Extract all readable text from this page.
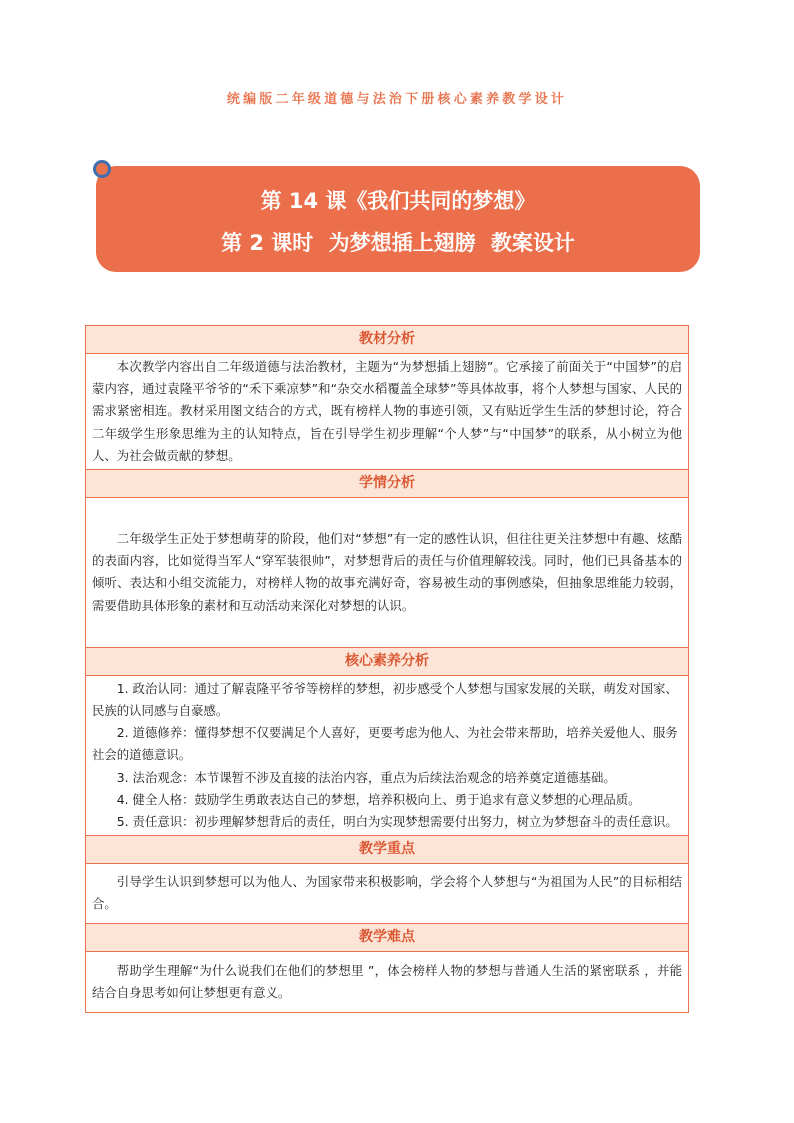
统编版二年级道德与法治下册核心素养教学设计
第 14 课《我们共同的梦想》
第 2 课时 为梦想插上翅膀 教案设计
教材分析

本次教学内容出自二年级道德与法治教材，主题为“为梦想插上翅膀”。它承接了前面关于“中国梦”的启蒙内容，通过袁隆平爷爷的“禾下乘凉梦”和“杂交水稻覆盖全球梦”等具体故事，将个人梦想与国家、人民的需求紧密相连。教材采用图文结合的方式，既有榜样人物的事迹引领，又有贴近学生生活的梦想讨论，符合二年级学生形象思维为主的认知特点，旨在引导学生初步理解“个人梦”与“中国梦”的联系，从小树立为他人、为社会做贡献的梦想。

学情分析

二年级学生正处于梦想萌芽的阶段，他们对“梦想”有一定的感性认识，但往往更关注梦想中有趣、炫酷的表面内容，比如觉得当军人“穿军装很帅”，对梦想背后的责任与价值理解较浅。同时，他们已具备基本的倾听、表达和小组交流能力，对榜样人物的故事充满好奇，容易被生动的事例感染，但抽象思维能力较弱，需要借助具体形象的素材和互动活动来深化对梦想的认识。

核心素养分析

1. 政治认同：通过了解袁隆平爷爷等榜样的梦想，初步感受个人梦想与国家发展的关联，萌发对国家、民族的认同感与自豪感。

2. 道德修养：懂得梦想不仅要满足个人喜好，更要考虑为他人、为社会带来帮助，培养关爱他人、服务社会的道德意识。

3. 法治观念：本节课暂不涉及直接的法治内容，重点为后续法治观念的培养奠定道德基础。

4. 健全人格：鼓励学生勇敢表达自己的梦想，培养积极向上、勇于追求有意义梦想的心理品质。

5. 责任意识：初步理解梦想背后的责任，明白为实现梦想需要付出努力，树立为梦想奋斗的责任意识。

教学重点

引导学生认识到梦想可以为他人、为国家带来积极影响，学会将个人梦想与“为祖国为人民”的目标相结合。

教学难点

帮助学生理解“为什么说我们在他们的梦想里 ”，体会榜样人物的梦想与普通人生活的紧密联系 ，并能结合自身思考如何让梦想更有意义。
